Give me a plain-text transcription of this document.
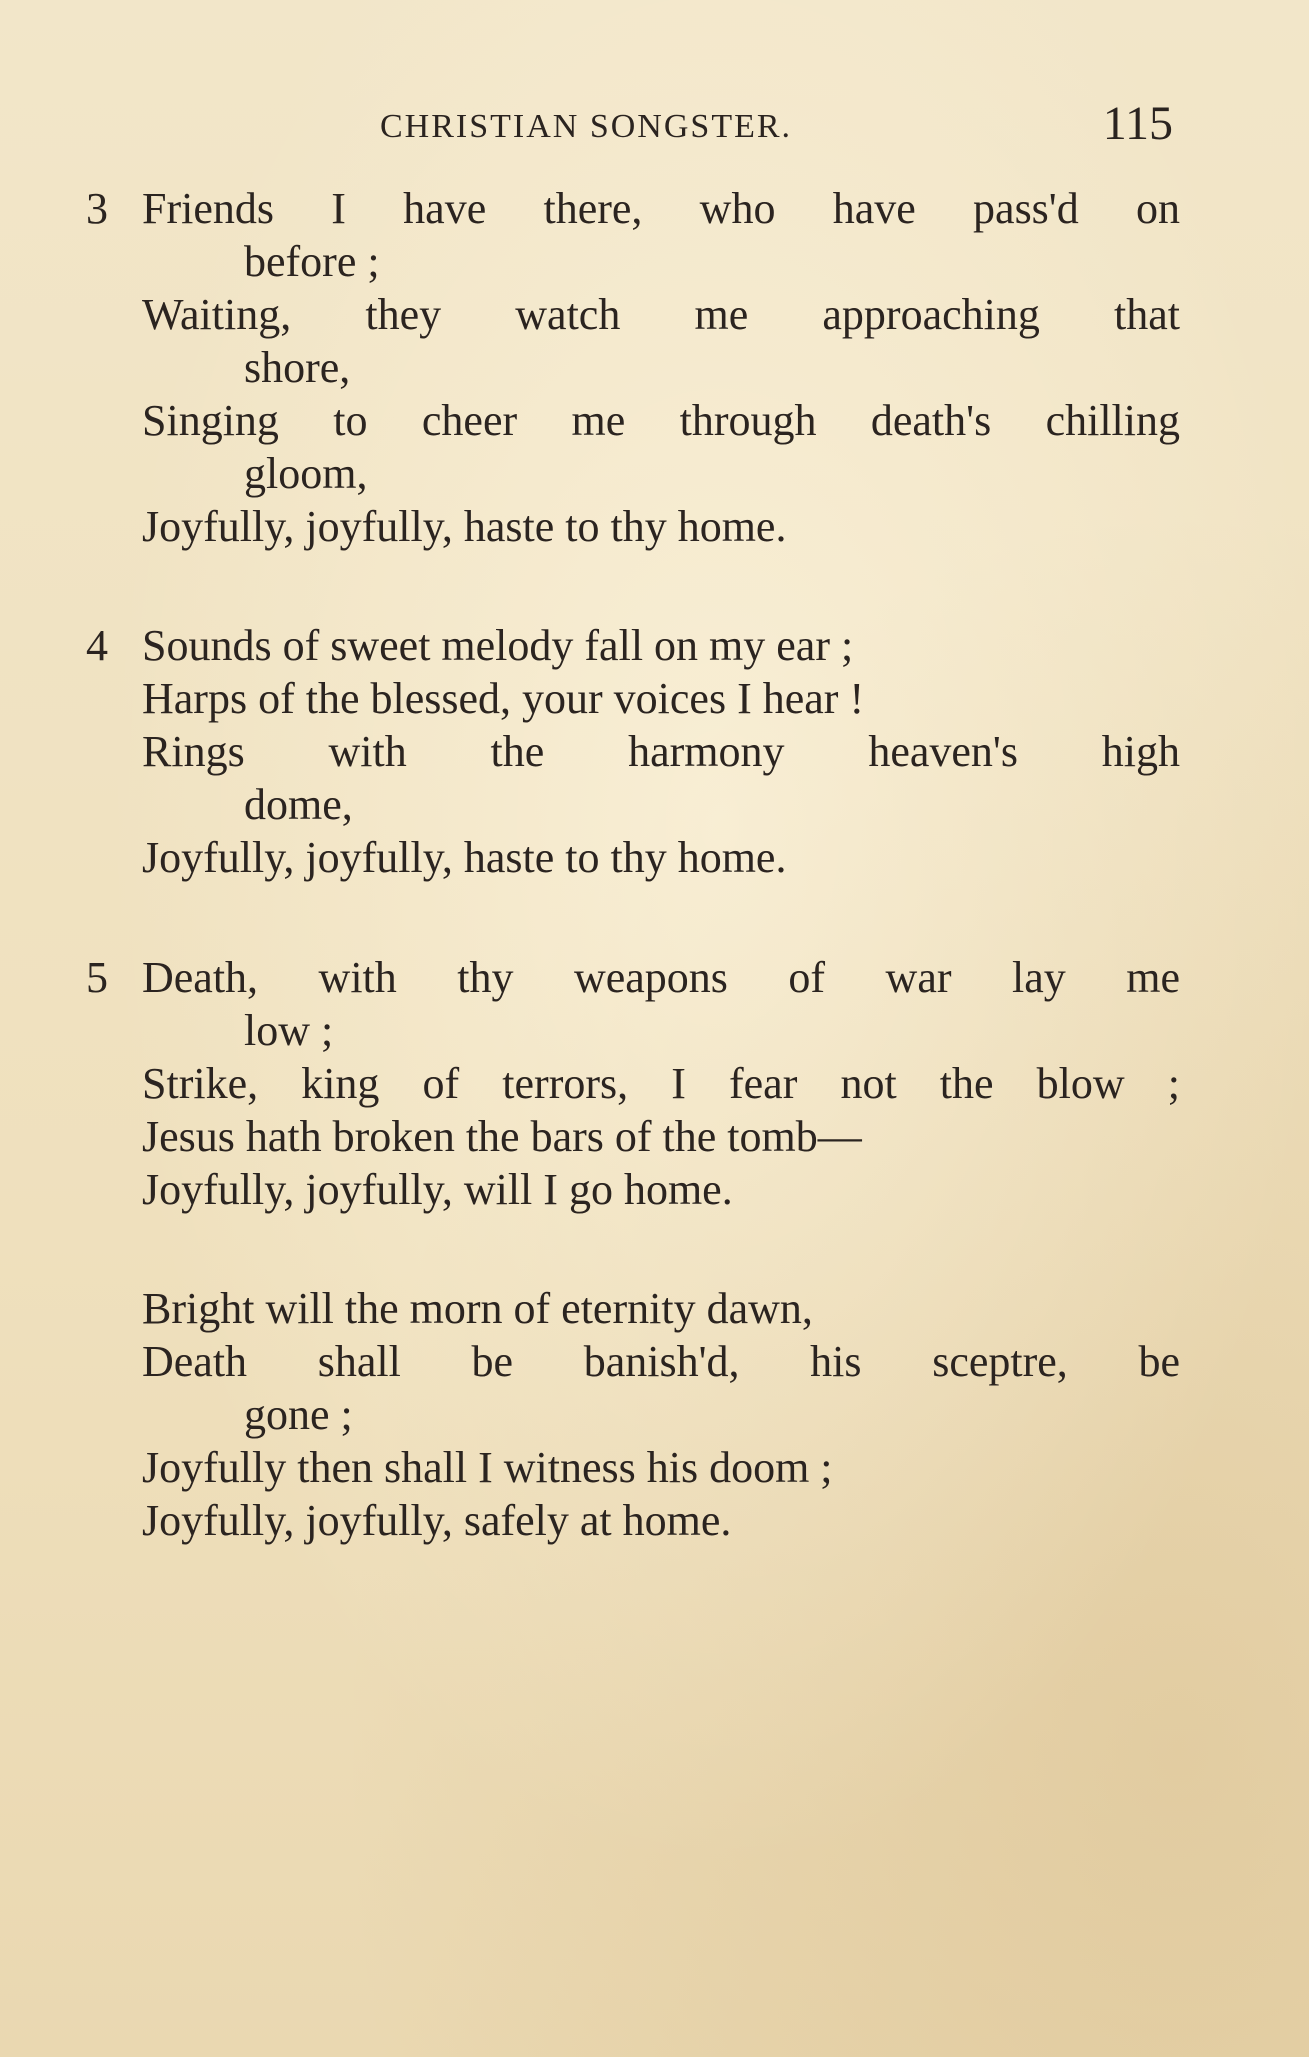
CHRISTIAN SONGSTER.	115
3 Friends I have there, who have pass'd on
before ;
Waiting, they watch me approaching that
shore,
Singing to cheer me through death's chilling
gloom,
Joyfully, joyfully, haste to thy home.
4 Sounds of sweet melody fall on my ear ;
Harps of the blessed, your voices I hear !
Rings with the harmony heaven's high
dome,
Joyfully, joyfully, haste to thy home.
5 Death, with thy weapons of war lay me
low ;
Strike, king of terrors, I fear not the blow ;
Jesus hath broken the bars of the tomb—
Joyfully, joyfully, will I go home.
Bright will the morn of eternity dawn,
Death shall be banish'd, his sceptre, be
gone ;
Joyfully then shall I witness his doom ;
Joyfully, joyfully, safely at home.
